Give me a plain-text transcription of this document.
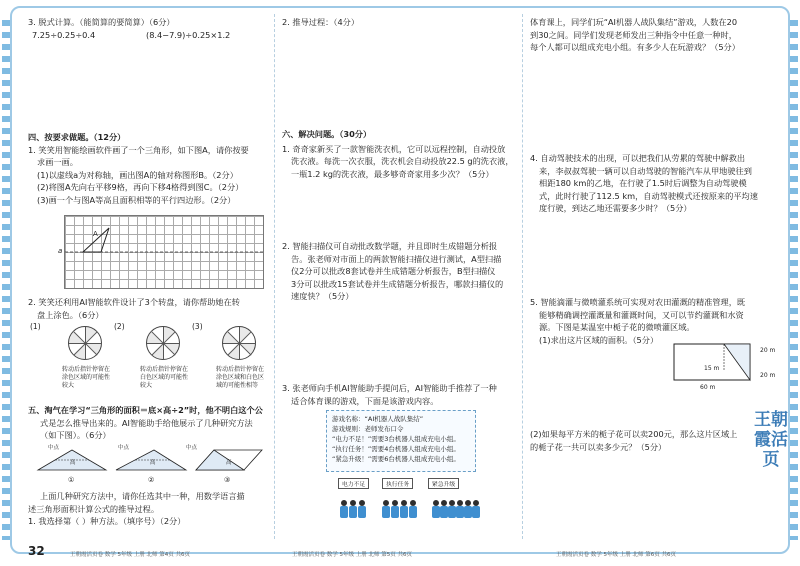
3. 脱式计算。（能简算的要简算）（6分）
7.25÷0.25÷0.4	(8.4−7.9)÷0.25×1.2
四、按要求做题。（12分）
1. 笑笑用智能绘画软件画了一个三角形，如下图A，请你按要
求画一画。
(1)以虚线a为对称轴，画出图A的轴对称图形B。（2分）
(2)将图A先向右平移9格，再向下移4格得到图C。（2分）
(3)画一个与图A等高且面积相等的平行四边形。（2分）
A
a
2. 笑笑还利用AI智能软件设计了3个转盘，请你帮助她在转
盘上涂色。（6分）
(1)
转动后指针停留在涂色区域的可能性较大
(2)
转动后指针停留在白色区域的可能性较大
(3)
转动后指针停留在涂色区域和白色区域的可能性相等
五、淘气在学习“三角形的面积＝底×高÷2”时，他不明白这个公
式是怎么推导出来的。AI智能助手给他展示了几种研究方法
（如下图）。（6分）
中点	中点	中点
高	高	高
①	②	③
上面几种研究方法中，请你任选其中一种，用数学语言描
述三角形面积计算公式的推导过程。
1. 我选择第（ ）种方法。（填序号）（2分）
32	王朝霞活页卷 数学 5年级 上册 北师 第4页 共6页
2. 推导过程：（4分）
六、解决问题。（30分）
1. 奇奇家新买了一款智能洗衣机，它可以远程控制，自动投放
洗衣液。每洗一次衣服，洗衣机会自动投放22.5 g的洗衣液，
一瓶1.2 kg的洗衣液，最多够奇奇家用多少次？（5分）
2. 智能扫描仪可自动批改数学题，并且即时生成错题分析报
告。张老师对市面上的两款智能扫描仪进行测试，A型扫描
仪2分可以批改8套试卷并生成错题分析报告，B型扫描仪
3分可以批改15套试卷并生成错题分析报告，哪款扫描仪的
速度快？（5分）
3. 张老师向手机AI智能助手提问后，AI智能助手推荐了一种
适合体育课的游戏，下面是该游戏内容。
游戏名称：“AI机器人战队集结”
游戏规则：老师发布口令
“电力不足！”需要3台机器人组成充电小组。
“执行任务！”需要4台机器人组成充电小组。
“紧急升级！”需要6台机器人组成充电小组。
电力不足	执行任务	紧急升级
王朝霞活页卷 数学 5年级 上册 北师 第5页 共6页
体育课上，同学们玩“AI机器人战队集结”游戏，人数在20
到30之间。同学们发现老师发出三种指令中任意一种时，
每个人都可以组成充电小组。有多少人在玩游戏？（5分）
4. 自动驾驶技术的出现，可以把我们从劳累的驾驶中解救出
来，李叔叔驾驶一辆可以自动驾驶的智能汽车从甲地驶往到
相距180 km的乙地，在行驶了1.5时后调整为自动驾驶模
式，此时行驶了112.5 km，自动驾驶模式还按原来的平均速
度行驶，到达乙地还需要多少时？（5分）
5. 智能滴灌与微喷灌系统可实现对农田灌溉的精准管理，既
能够精确调控灌溉量和灌溉时间，又可以节约灌溉和水资
源。下图是某温室中栀子花的微喷灌区域。
(1)求出这片区域的面积。（5分）
20 m
15 m
20 m
60 m
(2)如果每平方米的栀子花可以卖200元，那么这片区域上
的栀子花一共可以卖多少元？（5分）
王朝霞活页
王朝霞活页卷 数学 5年级 上册 北师 第6页 共6页
